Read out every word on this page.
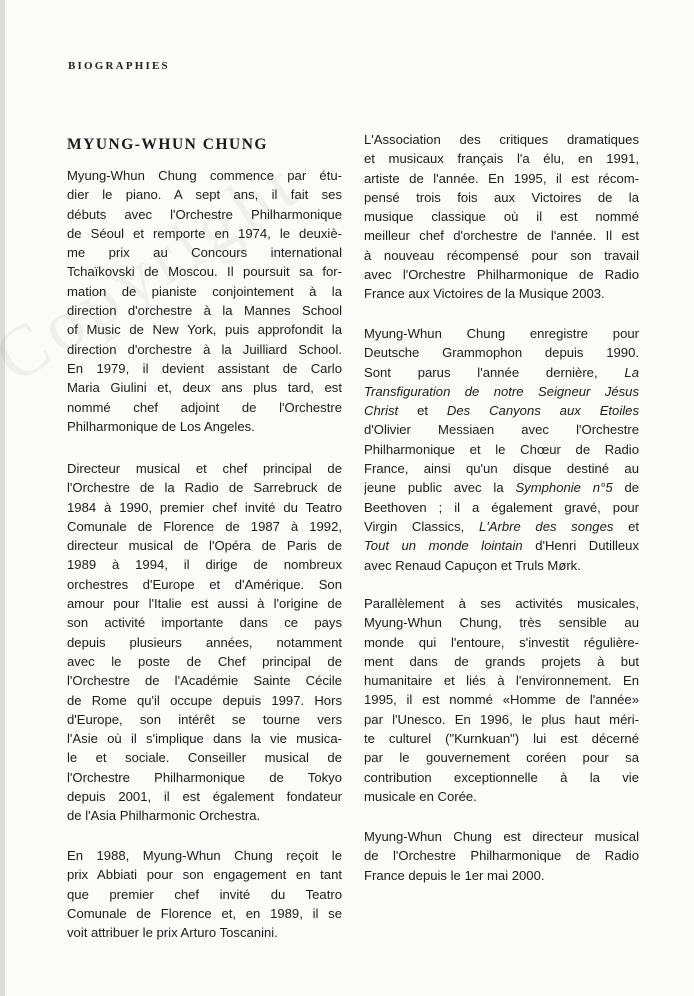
BIOGRAPHIES
MYUNG-WHUN CHUNG
Myung-Whun Chung commence par étu-
dier le piano. A sept ans, il fait ses
débuts avec l'Orchestre Philharmonique
de Séoul et remporte en 1974, le deuxiè-
me prix au Concours international
Tchaïkovski de Moscou. Il poursuit sa for-
mation de pianiste conjointement à la
direction d'orchestre à la Mannes School
of Music de New York, puis approfondit la
direction d'orchestre à la Juilliard School.
En 1979, il devient assistant de Carlo
Maria Giulini et, deux ans plus tard, est
nommé chef adjoint de l'Orchestre
Philharmonique de Los Angeles.
Directeur musical et chef principal de
l'Orchestre de la Radio de Sarrebruck de
1984 à 1990, premier chef invité du Teatro
Comunale de Florence de 1987 à 1992,
directeur musical de l'Opéra de Paris de
1989 à 1994, il dirige de nombreux
orchestres d'Europe et d'Amérique. Son
amour pour l'Italie est aussi à l'origine de
son activité importante dans ce pays
depuis plusieurs années, notamment
avec le poste de Chef principal de
l'Orchestre de l'Académie Sainte Cécile
de Rome qu'il occupe depuis 1997. Hors
d'Europe, son intérêt se tourne vers
l'Asie où il s'implique dans la vie musica-
le et sociale. Conseiller musical de
l'Orchestre Philharmonique de Tokyo
depuis 2001, il est également fondateur
de l'Asia Philharmonic Orchestra.
En 1988, Myung-Whun Chung reçoit le
prix Abbiati pour son engagement en tant
que premier chef invité du Teatro
Comunale de Florence et, en 1989, il se
voit attribuer le prix Arturo Toscanini.
L'Association des critiques dramatiques
et musicaux français l'a élu, en 1991,
artiste de l'année. En 1995, il est récom-
pensé trois fois aux Victoires de la
musique classique où il est nommé
meilleur chef d'orchestre de l'année. Il est
à nouveau récompensé pour son travail
avec l'Orchestre Philharmonique de Radio
France aux Victoires de la Musique 2003.
Myung-Whun Chung enregistre pour
Deutsche Grammophon depuis 1990.
Sont parus l'année dernière, La
Transfiguration de notre Seigneur Jésus
Christ et Des Canyons aux Etoiles
d'Olivier Messiaen avec l'Orchestre
Philharmonique et le Chœur de Radio
France, ainsi qu'un disque destiné au
jeune public avec la Symphonie n°5 de
Beethoven ; il a également gravé, pour
Virgin Classics, L'Arbre des songes et
Tout un monde lointain d'Henri Dutilleux
avec Renaud Capuçon et Truls Mørk.
Parallèlement à ses activités musicales,
Myung-Whun Chung, très sensible au
monde qui l'entoure, s'investit régulière-
ment dans de grands projets à but
humanitaire et liés à l'environnement. En
1995, il est nommé «Homme de l'année»
par l'Unesco. En 1996, le plus haut méri-
te culturel ("Kurnkuan") lui est décerné
par le gouvernement coréen pour sa
contribution exceptionnelle à la vie
musicale en Corée.
Myung-Whun Chung est directeur musical
de l'Orchestre Philharmonique de Radio
France depuis le 1er mai 2000.
